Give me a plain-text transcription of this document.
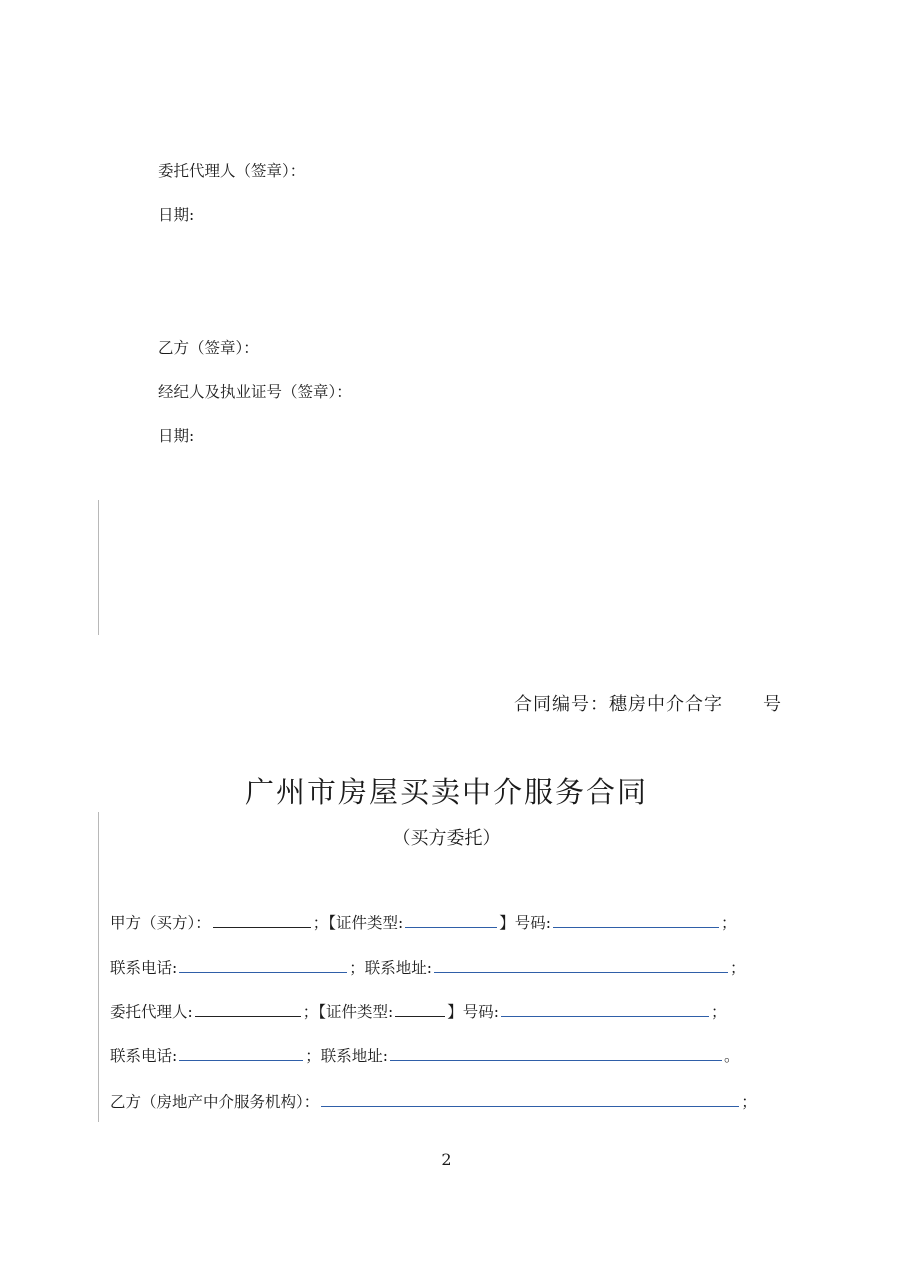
委托代理人（签章）：
日期:
乙方（签章）：
经纪人及执业证号（签章）：
日期:
合同编号：穗房中介合字 号
广州市房屋买卖中介服务合同
（买方委托）
甲方（买方）：	；【证件类型:	】号码:	；
联系电话:	；联系地址:	；
委托代理人:	；【证件类型:	】号码:	；
联系电话:	；联系地址:	。
乙方（房地产中介服务机构）：	；
2
